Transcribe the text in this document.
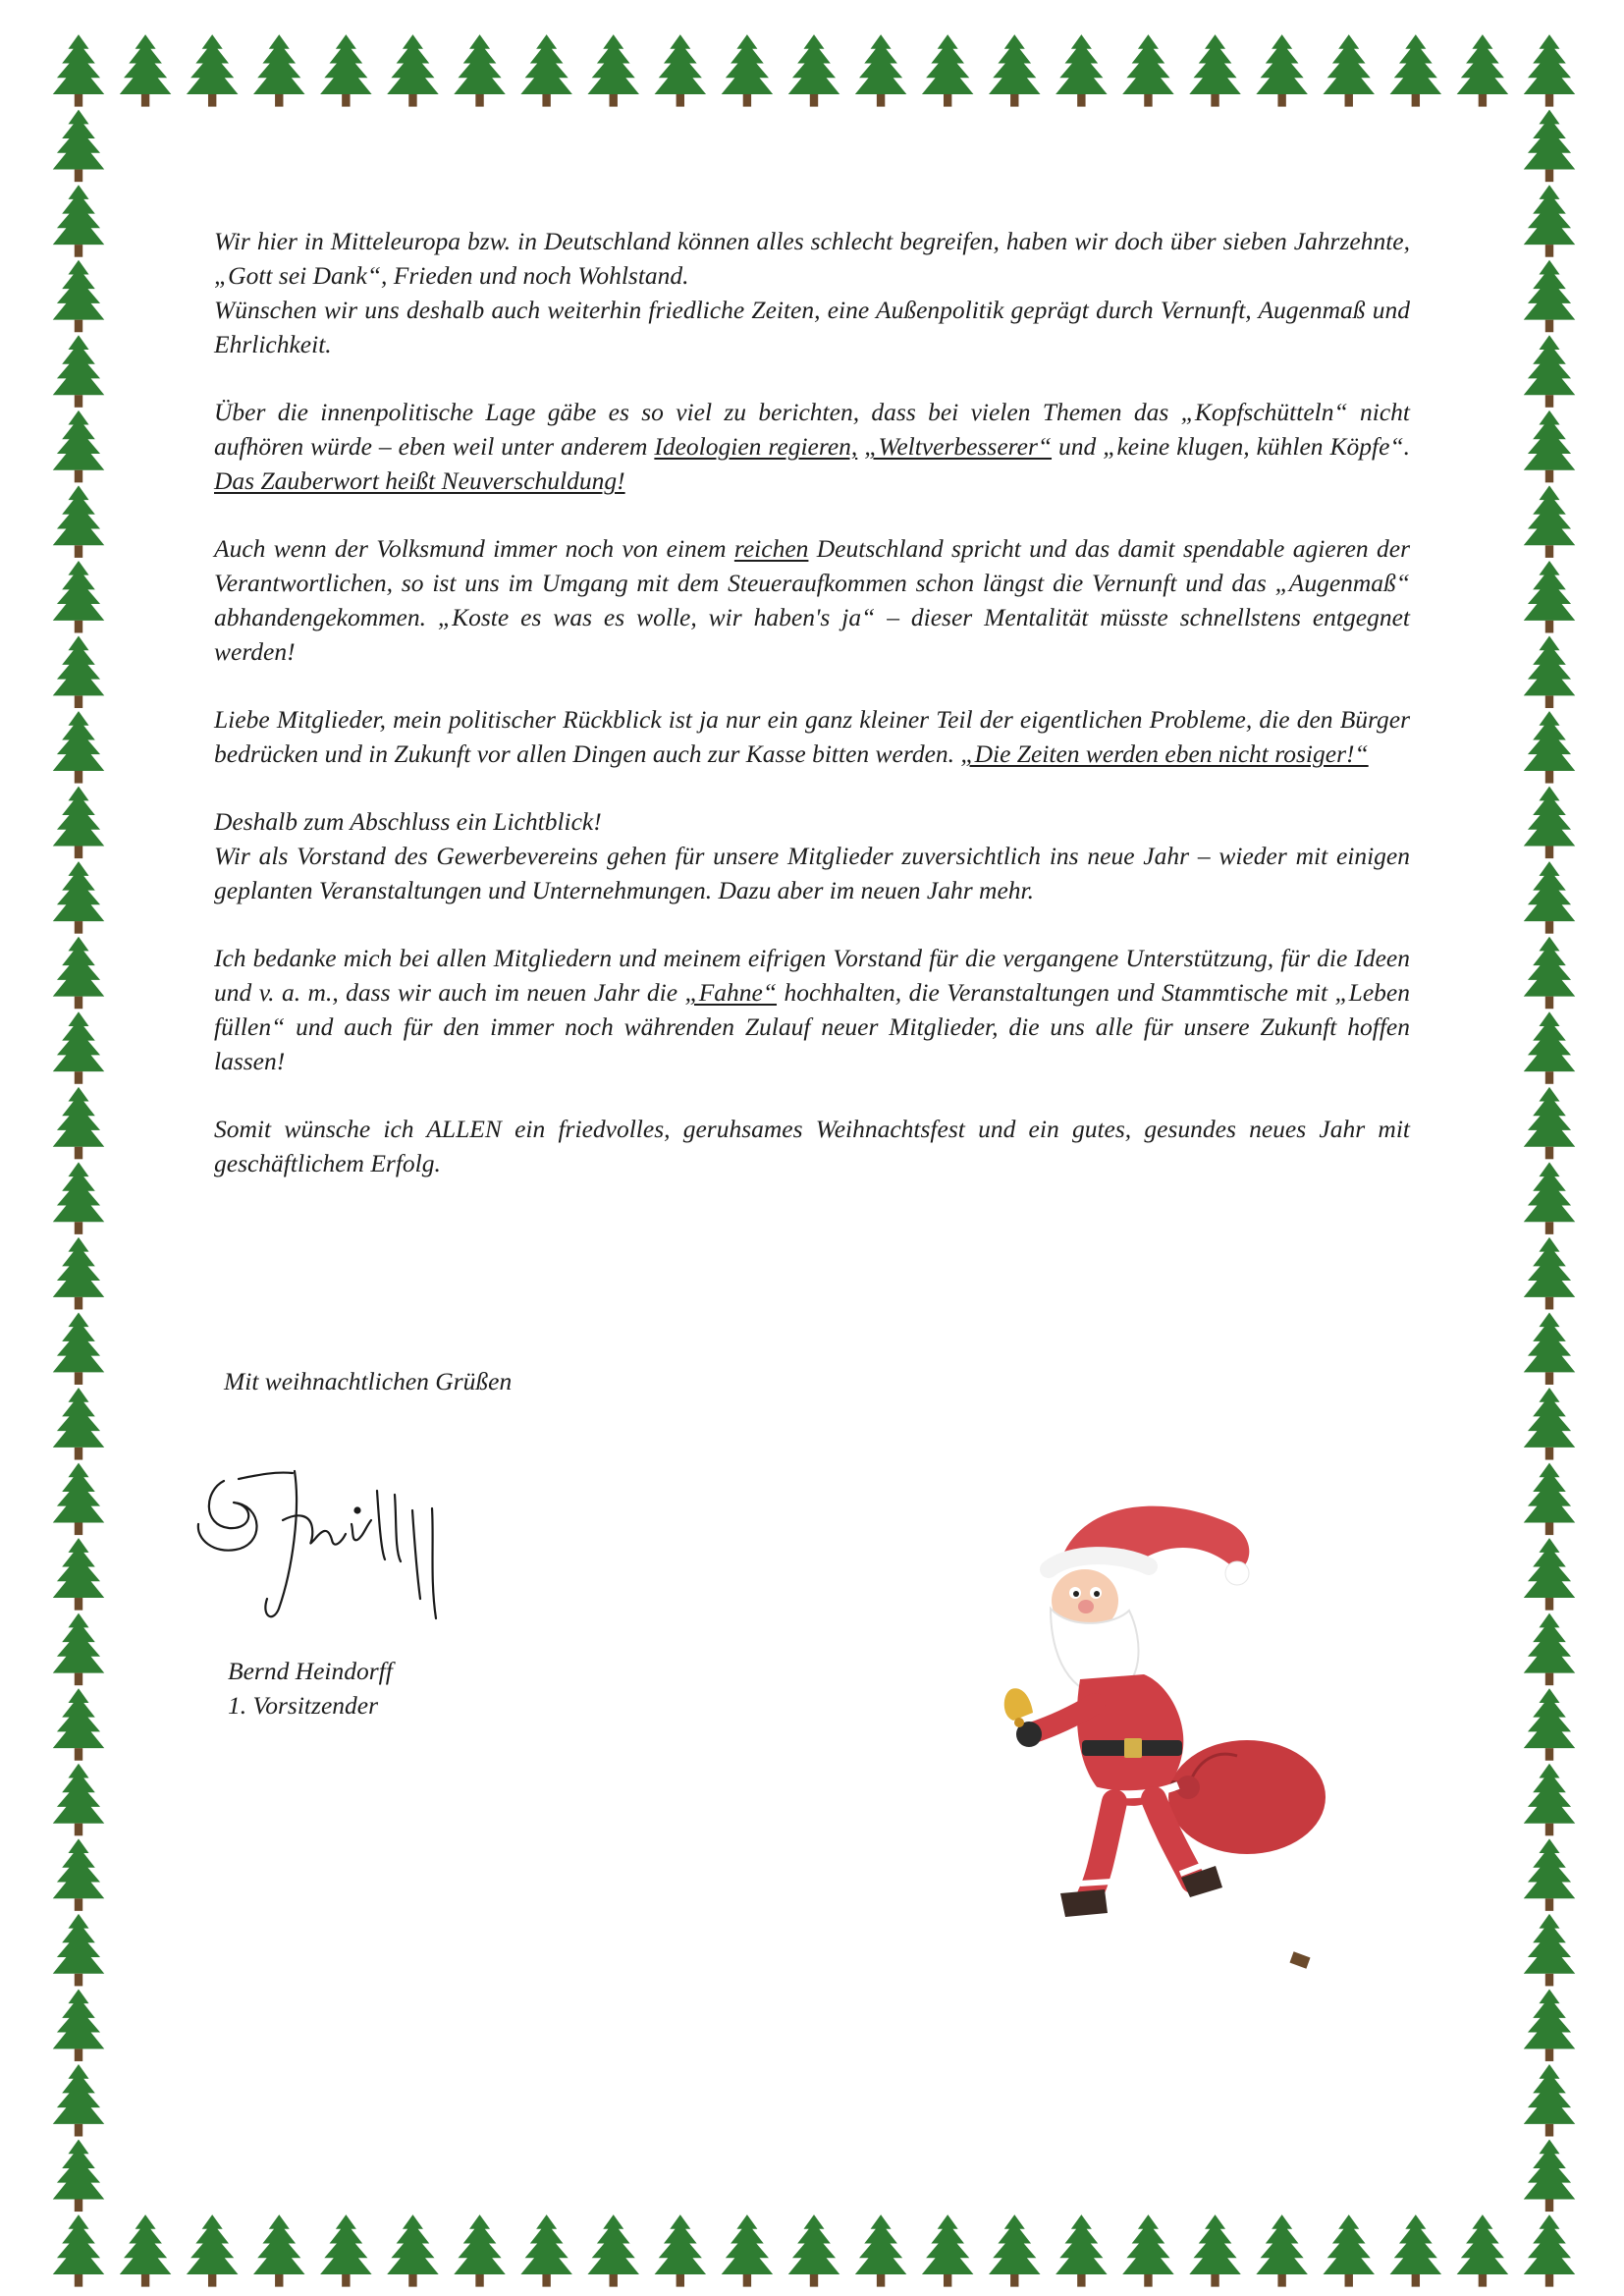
Wir hier in Mitteleuropa bzw. in Deutschland können alles schlecht begreifen, haben wir doch über sieben Jahrzehnte, „Gott sei Dank“, Frieden und noch Wohlstand.
Wünschen wir uns deshalb auch weiterhin friedliche Zeiten, eine Außenpolitik geprägt durch Vernunft, Augenmaß und Ehrlichkeit.

Über die innenpolitische Lage gäbe es so viel zu berichten, dass bei vielen Themen das „Kopfschütteln“ nicht aufhören würde – eben weil unter anderem Ideologien regieren, „Weltverbesserer“ und „keine klugen, kühlen Köpfe“. Das Zauberwort heißt Neuverschuldung!

Auch wenn der Volksmund immer noch von einem reichen Deutschland spricht und das damit spendable agieren der Verantwortlichen, so ist uns im Umgang mit dem Steueraufkommen schon längst die Vernunft und das „Augenmaß“ abhandengekommen. „Koste es was es wolle, wir haben's ja“ – dieser Mentalität müsste schnellstens entgegnet werden!

Liebe Mitglieder, mein politischer Rückblick ist ja nur ein ganz kleiner Teil der eigentlichen Probleme, die den Bürger bedrücken und in Zukunft vor allen Dingen auch zur Kasse bitten werden. „Die Zeiten werden eben nicht rosiger!“

Deshalb zum Abschluss ein Lichtblick!
Wir als Vorstand des Gewerbevereins gehen für unsere Mitglieder zuversichtlich ins neue Jahr – wieder mit einigen geplanten Veranstaltungen und Unternehmungen. Dazu aber im neuen Jahr mehr.

Ich bedanke mich bei allen Mitgliedern und meinem eifrigen Vorstand für die vergangene Unterstützung, für die Ideen und v. a. m., dass wir auch im neuen Jahr die „Fahne“ hochhalten, die Veranstaltungen und Stammtische mit „Leben füllen“ und auch für den immer noch währenden Zulauf neuer Mitglieder, die uns alle für unsere Zukunft hoffen lassen!

Somit wünsche ich ALLEN ein friedvolles, geruhsames Weihnachtsfest und ein gutes, gesundes neues Jahr mit geschäftlichem Erfolg.

Mit weihnachtlichen Grüßen
Bernd Heindorff
1. Vorsitzender
